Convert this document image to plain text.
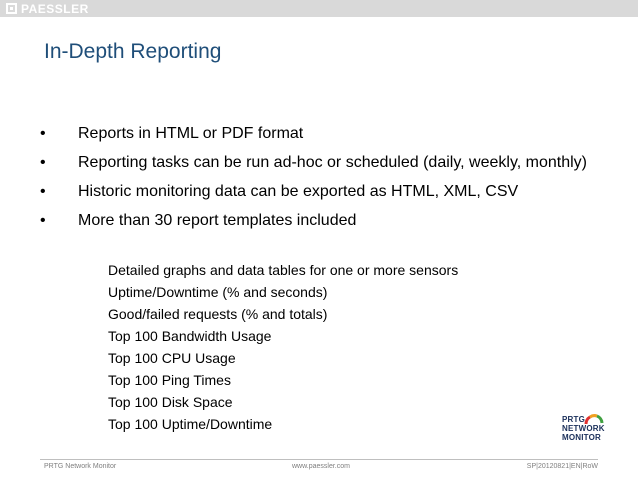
PAESSLER
In-Depth Reporting
• Reports in HTML or PDF format
• Reporting tasks can be run ad-hoc or scheduled (daily, weekly, monthly)
• Historic monitoring data can be exported as HTML, XML, CSV
• More than 30 report templates included
Detailed graphs and data tables for one or more sensors
Uptime/Downtime (% and seconds)
Good/failed requests (% and totals)
Top 100 Bandwidth Usage
Top 100 CPU Usage
Top 100 Ping Times
Top 100 Disk Space
Top 100 Uptime/Downtime	PRTG
NETWORK
MONITOR
PRTG Network Monitor	www.paessler.com	SP|20120821|EN|RoW
